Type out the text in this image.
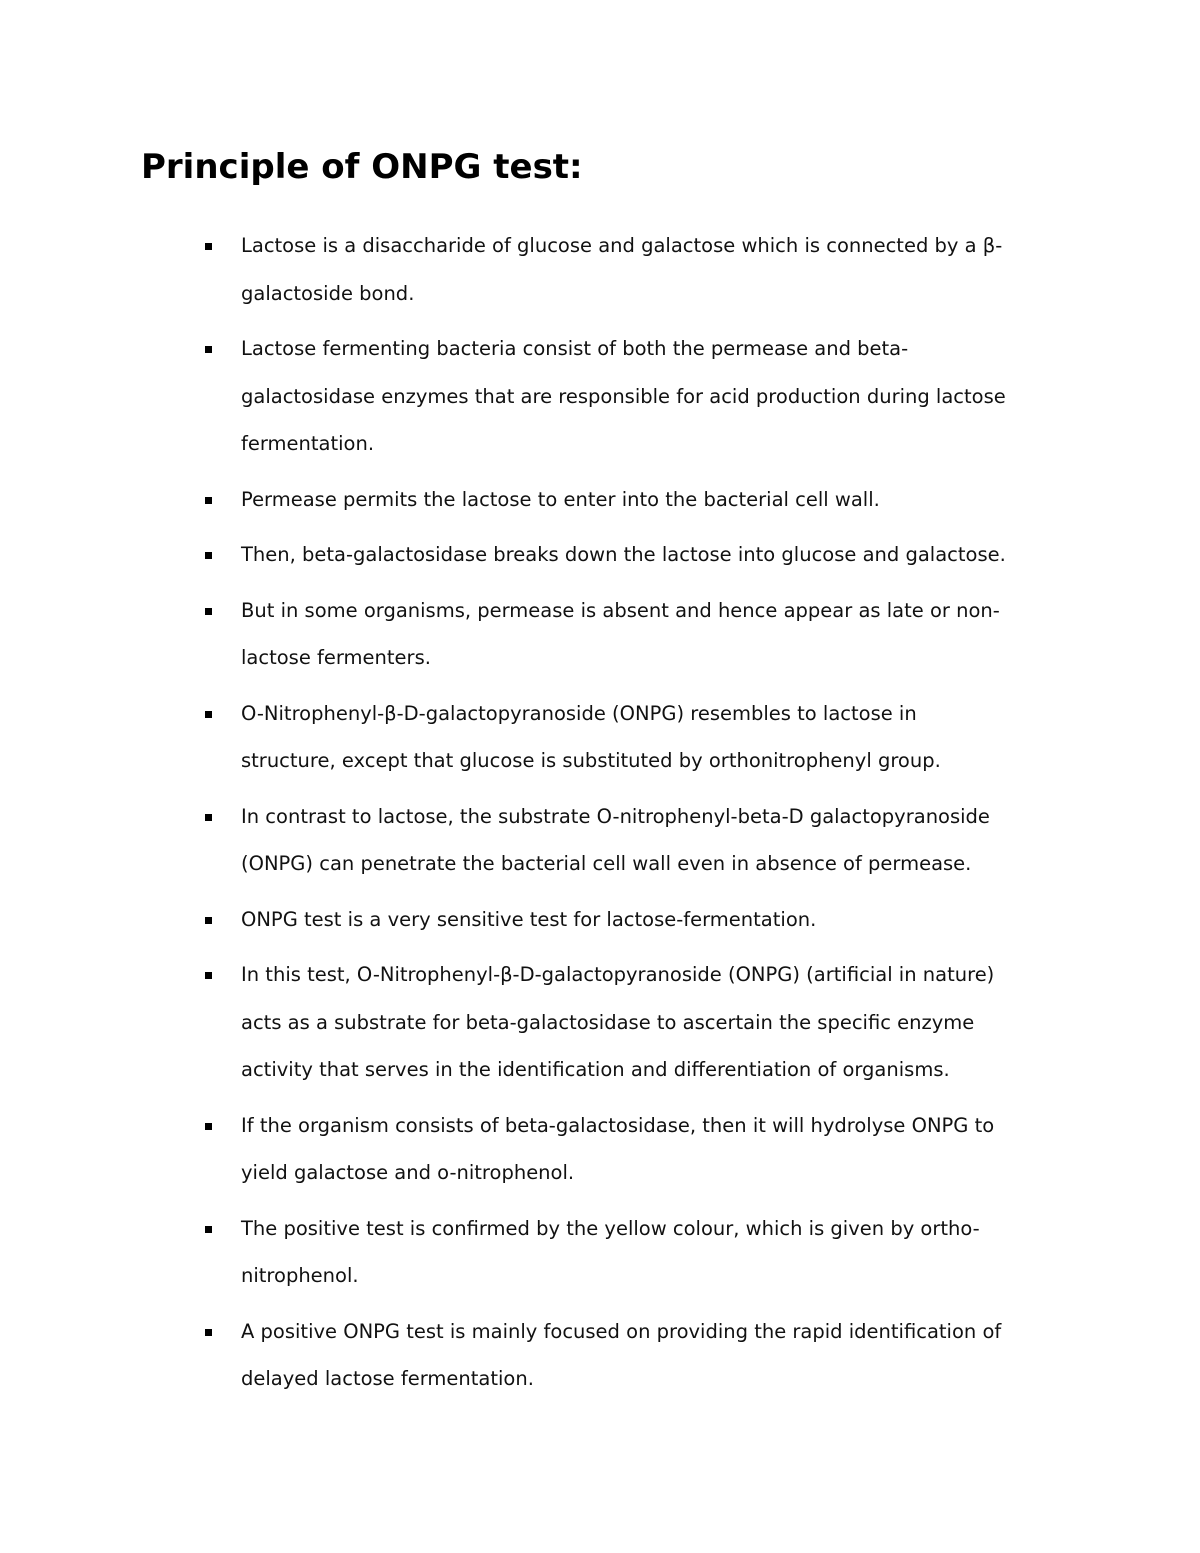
Principle of ONPG test:
Lactose is a disaccharide of glucose and galactose which is connected by a β-
galactoside bond.
Lactose fermenting bacteria consist of both the permease and beta-
galactosidase enzymes that are responsible for acid production during lactose
fermentation.
Permease permits the lactose to enter into the bacterial cell wall.
Then, beta-galactosidase breaks down the lactose into glucose and galactose.
But in some organisms, permease is absent and hence appear as late or non-
lactose fermenters.
O-Nitrophenyl-β-D-galactopyranoside (ONPG) resembles to lactose in
structure, except that glucose is substituted by orthonitrophenyl group.
In contrast to lactose, the substrate O-nitrophenyl-beta-D galactopyranoside
(ONPG) can penetrate the bacterial cell wall even in absence of permease.
ONPG test is a very sensitive test for lactose-fermentation.
In this test, O-Nitrophenyl-β-D-galactopyranoside (ONPG) (artificial in nature)
acts as a substrate for beta-galactosidase to ascertain the specific enzyme
activity that serves in the identification and differentiation of organisms.
If the organism consists of beta-galactosidase, then it will hydrolyse ONPG to
yield galactose and o-nitrophenol.
The positive test is confirmed by the yellow colour, which is given by ortho-
nitrophenol.
A positive ONPG test is mainly focused on providing the rapid identification of
delayed lactose fermentation.
